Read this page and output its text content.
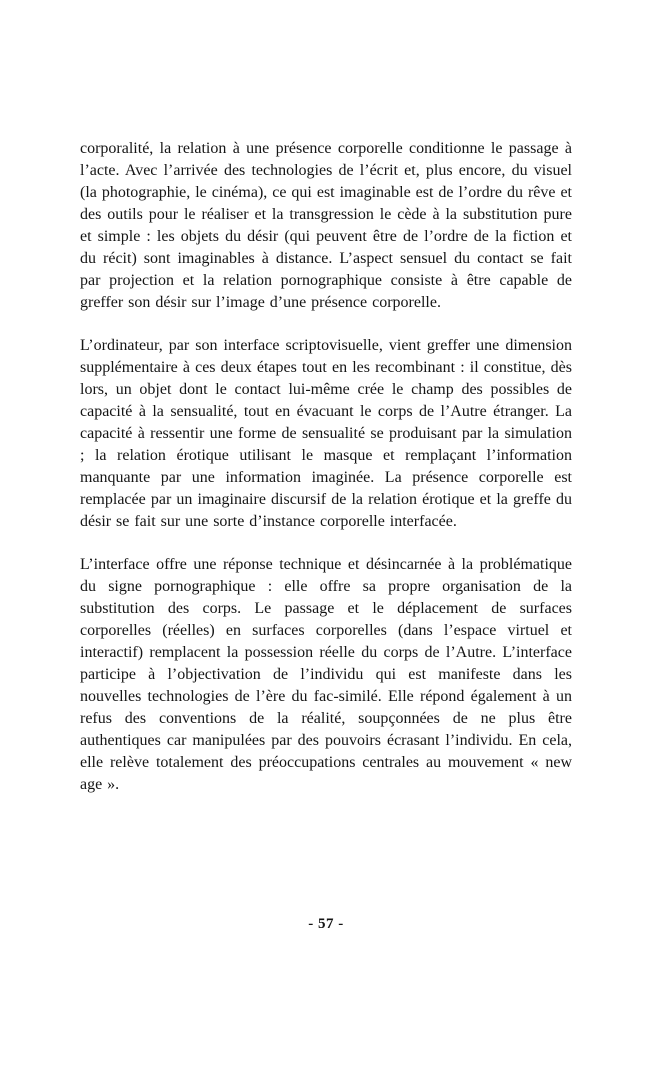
corporalité, la relation à une présence corporelle conditionne le passage à l’acte. Avec l’arrivée des technologies de l’écrit et, plus encore, du visuel (la photographie, le cinéma), ce qui est imaginable est de l’ordre du rêve et des outils pour le réaliser et la transgression le cède à la substitution pure et simple : les objets du désir (qui peuvent être de l’ordre de la fiction et du récit) sont imaginables à distance. L’aspect sensuel du contact se fait par projection et la relation pornographique consiste à être capable de greffer son désir sur l’image d’une présence corporelle.

L’ordinateur, par son interface scriptovisuelle, vient greffer une dimension supplémentaire à ces deux étapes tout en les recombinant : il constitue, dès lors, un objet dont le contact lui-même crée le champ des possibles de capacité à la sensualité, tout en évacuant le corps de l’Autre étranger. La capacité à ressentir une forme de sensualité se produisant par la simulation ; la relation érotique utilisant le masque et remplaçant l’information manquante par une information imaginée. La présence corporelle est remplacée par un imaginaire discursif de la relation érotique et la greffe du désir se fait sur une sorte d’instance corporelle interfacée.

L’interface offre une réponse technique et désincarnée à la problématique du signe pornographique : elle offre sa propre organisation de la substitution des corps. Le passage et le déplacement de surfaces corporelles (réelles) en surfaces corporelles (dans l’espace virtuel et interactif) remplacent la possession réelle du corps de l’Autre. L’interface participe à l’objectivation de l’individu qui est manifeste dans les nouvelles technologies de l’ère du fac-similé. Elle répond également à un refus des conventions de la réalité, soupçonnées de ne plus être authentiques car manipulées par des pouvoirs écrasant l’individu. En cela, elle relève totalement des préoccupations centrales au mouvement « new age ».

- 57 -
